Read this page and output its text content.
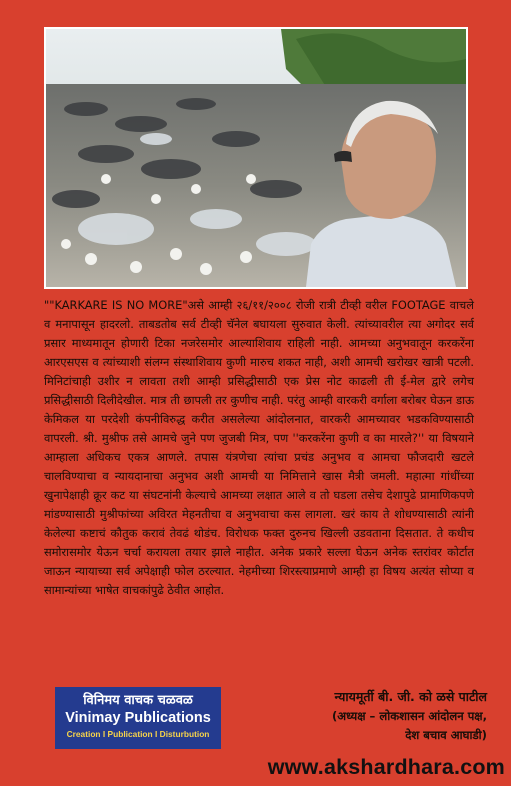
""KARKARE IS NO MORE"असे आम्ही २६/११/२००८ रोजी रात्री टीव्ही वरील FOOTAGE वाचले व मनापासून हादरलो. ताबडतोब सर्व टीव्ही चॅनेल बघायला सुरुवात केली. त्यांच्यावरील त्या अगोदर सर्व प्रसार माध्यमातून होणारी टिका नजरेसमोर आल्याशिवाय राहिली नाही. आमच्या अनुभवातून करकरेंना आरएसएस व त्यांच्याशी संलग्न संस्थाशिवाय कुणी मारुच शकत नाही, अशी आमची खरोखर खात्री पटली. मिनिटांचाही उशीर न लावता तशी आम्ही प्रसिद्धीसाठी एक प्रेस नोट काढली ती ई-मेल द्वारे लगेच प्रसिद्धीसाठी दिलीदेखील. मात्र ती छापली तर कुणीच नाही. परंतु आम्ही वारकरी वर्गाला बरोबर घेऊन डाऊ केमिकल या परदेशी कंपनीविरुद्ध करीत असलेल्या आंदोलनात, वारकरी आमच्यावर भडकविण्यासाठी वापरली. श्री. मुश्रीफ तसे आमचे जुने पण जुजबी मित्र, पण ''करकरेंना कुणी व का मारले?'' या विषयाने आम्हाला अधिकच एकत्र आणले. तपास यंत्रणेचा त्यांचा प्रचंड अनुभव व आमचा फौजदारी खटले चालविण्याचा व न्यायदानाचा अनुभव अशी आमची या निमित्ताने खास मैत्री जमली. महात्मा गांधींच्या खुनापेक्षाही क्रूर कट या संघटनांनी केल्याचे आमच्या लक्षात आले व तो घडला तसेच देशापुढे प्रामाणिकपणे मांडण्यासाठी मुश्रीफांच्या अविरत मेहनतीचा व अनुभवाचा कस लागला. खरं काय ते शोधण्यासाठी त्यांनी केलेल्या कष्टाचं कौतुक करावं तेवढं थोडंच. विरोधक फक्त दुरुनच खिल्ली उडवताना दिसतात. ते कधीच समोरासमोर येऊन चर्चा करायला तयार झाले नाहीत. अनेक प्रकारे सल्ला घेऊन अनेक स्तरांवर कोर्टात जाऊन न्यायाच्या सर्व अपेक्षाही फोल ठरल्यात. नेहमीच्या शिरस्त्याप्रमाणे आम्ही हा विषय अत्यंत सोप्या व सामान्यांच्या भाषेत वाचकांपुढे ठेवीत आहोत.

विनिमय वाचक चळवळ
Vinimay Publications
Creation I Publication I Disturbution
न्यायमूर्ती बी. जी. को ळसे पाटील
(अध्यक्ष – लोकशासन आंदोलन पक्ष,
देश बचाव आघाडी)
www.akshardhara.com
